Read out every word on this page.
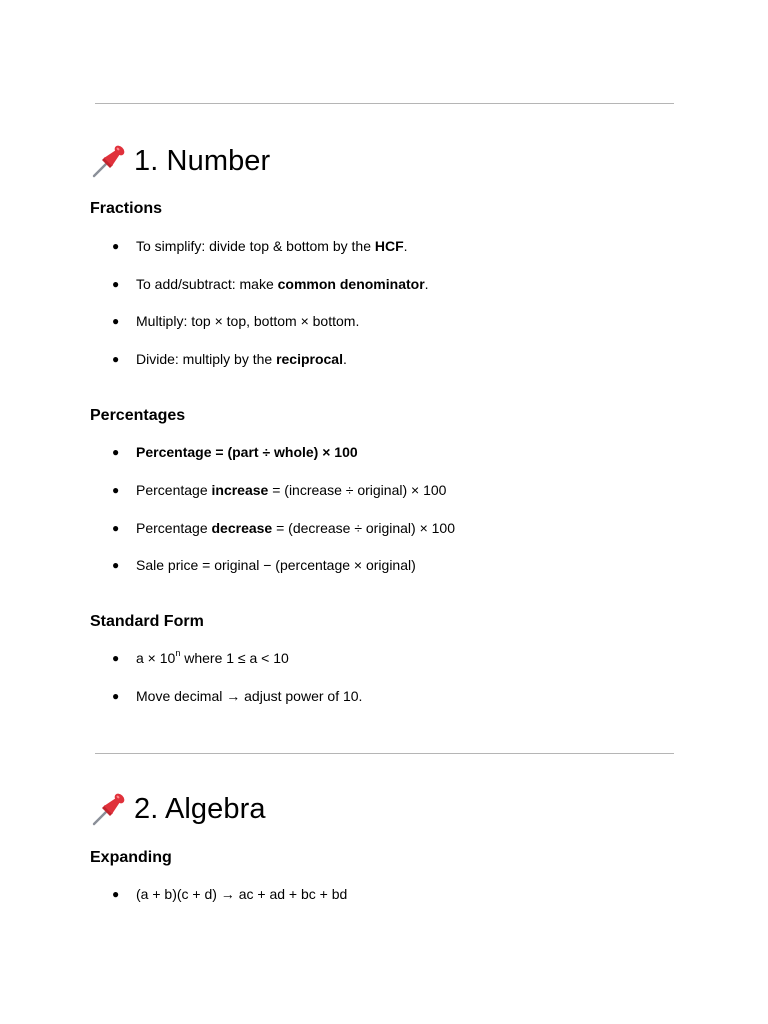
1. Number
Fractions
●	To simplify: divide top & bottom by the HCF.
●	To add/subtract: make common denominator.
●	Multiply: top × top, bottom × bottom.
●	Divide: multiply by the reciprocal.
Percentages
●	Percentage = (part ÷ whole) × 100
●	Percentage increase = (increase ÷ original) × 100
●	Percentage decrease = (decrease ÷ original) × 100
●	Sale price = original − (percentage × original)
Standard Form
●	$a \times 10^n$ where 1 ≤ a < 10
●	Move decimal → adjust power of 10.
2. Algebra
Expanding
●	(a + b)(c + d) → ac + ad + bc + bd
